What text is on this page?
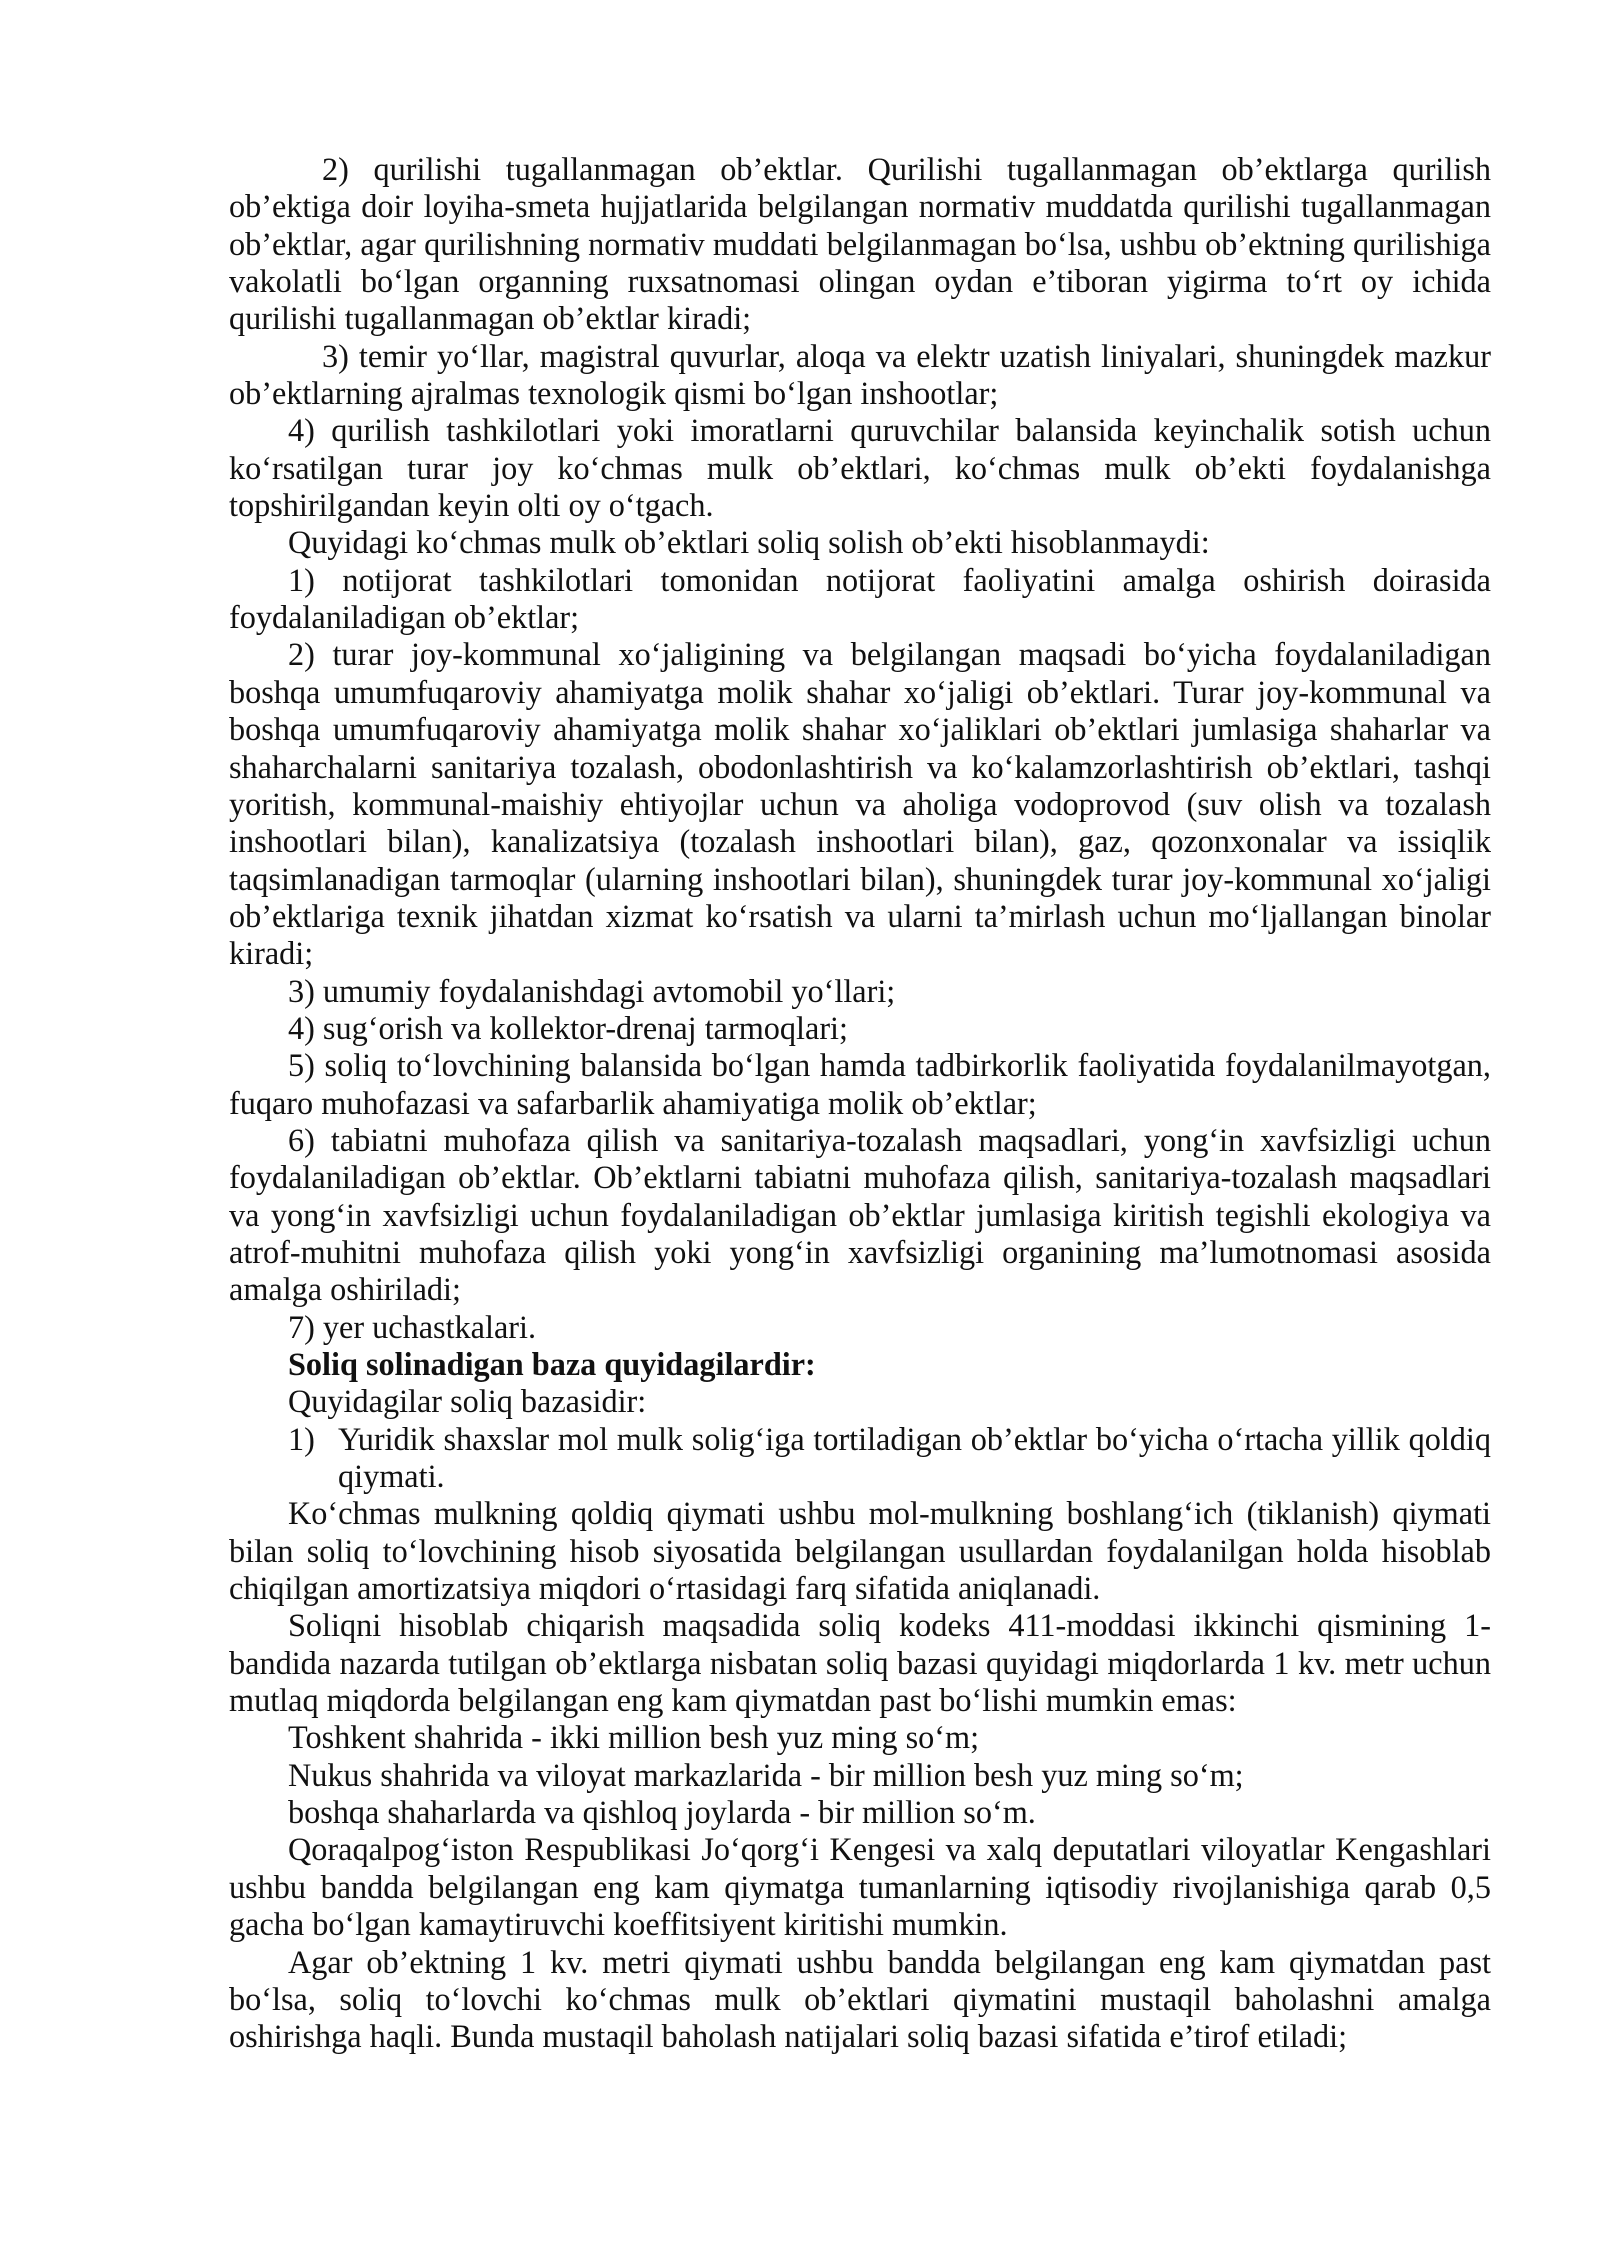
2) qurilishi tugallanmagan ob’ektlar. Qurilishi tugallanmagan ob’ektlarga qurilish ob’ektiga doir loyiha-smeta hujjatlarida belgilangan normativ muddatda qurilishi tugallanmagan ob’ektlar, agar qurilishning normativ muddati belgilanmagan bo‘lsa, ushbu ob’ektning qurilishiga vakolatli bo‘lgan organning ruxsatnomasi olingan oydan e’tiboran yigirma to‘rt oy ichida qurilishi tugallanmagan ob’ektlar kiradi;

3) temir yo‘llar, magistral quvurlar, aloqa va elektr uzatish liniyalari, shuningdek mazkur ob’ektlarning ajralmas texnologik qismi bo‘lgan inshootlar;

4) qurilish tashkilotlari yoki imoratlarni quruvchilar balansida keyinchalik sotish uchun ko‘rsatilgan turar joy ko‘chmas mulk ob’ektlari, ko‘chmas mulk ob’ekti foydalanishga topshirilgandan keyin olti oy o‘tgach.

Quyidagi ko‘chmas mulk ob’ektlari soliq solish ob’ekti hisoblanmaydi:

1) notijorat tashkilotlari tomonidan notijorat faoliyatini amalga oshirish doirasida foydalaniladigan ob’ektlar;

2) turar joy-kommunal xo‘jaligining va belgilangan maqsadi bo‘yicha foydalaniladigan boshqa umumfuqaroviy ahamiyatga molik shahar xo‘jaligi ob’ektlari. Turar joy-kommunal va boshqa umumfuqaroviy ahamiyatga molik shahar xo‘jaliklari ob’ektlari jumlasiga shaharlar va shaharchalarni sanitariya tozalash, obodonlashtirish va ko‘kalamzorlashtirish ob’ektlari, tashqi yoritish, kommunal-maishiy ehtiyojlar uchun va aholiga vodoprovod (suv olish va tozalash inshootlari bilan), kanalizatsiya (tozalash inshootlari bilan), gaz, qozonxonalar va issiqlik taqsimlanadigan tarmoqlar (ularning inshootlari bilan), shuningdek turar joy-kommunal xo‘jaligi ob’ektlariga texnik jihatdan xizmat ko‘rsatish va ularni ta’mirlash uchun mo‘ljallangan binolar kiradi;

3) umumiy foydalanishdagi avtomobil yo‘llari;

4) sug‘orish va kollektor-drenaj tarmoqlari;

5) soliq to‘lovchining balansida bo‘lgan hamda tadbirkorlik faoliyatida foydalanilmayotgan, fuqaro muhofazasi va safarbarlik ahamiyatiga molik ob’ektlar;

6) tabiatni muhofaza qilish va sanitariya-tozalash maqsadlari, yong‘in xavfsizligi uchun foydalaniladigan ob’ektlar. Ob’ektlarni tabiatni muhofaza qilish, sanitariya-tozalash maqsadlari va yong‘in xavfsizligi uchun foydalaniladigan ob’ektlar jumlasiga kiritish tegishli ekologiya va atrof-muhitni muhofaza qilish yoki yong‘in xavfsizligi organining ma’lumotnomasi asosida amalga oshiriladi;

7) yer uchastkalari.

Soliq solinadigan baza quyidagilardir:

Quyidagilar soliq bazasidir:

1) Yuridik shaxslar mol mulk solig‘iga tortiladigan ob’ektlar bo‘yicha o‘rtacha yillik qoldiq qiymati.

Ko‘chmas mulkning qoldiq qiymati ushbu mol-mulkning boshlang‘ich (tiklanish) qiymati bilan soliq to‘lovchining hisob siyosatida belgilangan usullardan foydalanilgan holda hisoblab chiqilgan amortizatsiya miqdori o‘rtasidagi farq sifatida aniqlanadi.

Soliqni hisoblab chiqarish maqsadida soliq kodeks 411-moddasi ikkinchi qismining 1-bandida nazarda tutilgan ob’ektlarga nisbatan soliq bazasi quyidagi miqdorlarda 1 kv. metr uchun mutlaq miqdorda belgilangan eng kam qiymatdan past bo‘lishi mumkin emas:

Toshkent shahrida - ikki million besh yuz ming so‘m;

Nukus shahrida va viloyat markazlarida - bir million besh yuz ming so‘m;

boshqa shaharlarda va qishloq joylarda - bir million so‘m.

Qoraqalpog‘iston Respublikasi Jo‘qorg‘i Kengesi va xalq deputatlari viloyatlar Kengashlari ushbu bandda belgilangan eng kam qiymatga tumanlarning iqtisodiy rivojlanishiga qarab 0,5 gacha bo‘lgan kamaytiruvchi koeffitsiyent kiritishi mumkin.

Agar ob’ektning 1 kv. metri qiymati ushbu bandda belgilangan eng kam qiymatdan past bo‘lsa, soliq to‘lovchi ko‘chmas mulk ob’ektlari qiymatini mustaqil baholashni amalga oshirishga haqli. Bunda mustaqil baholash natijalari soliq bazasi sifatida e’tirof etiladi;
